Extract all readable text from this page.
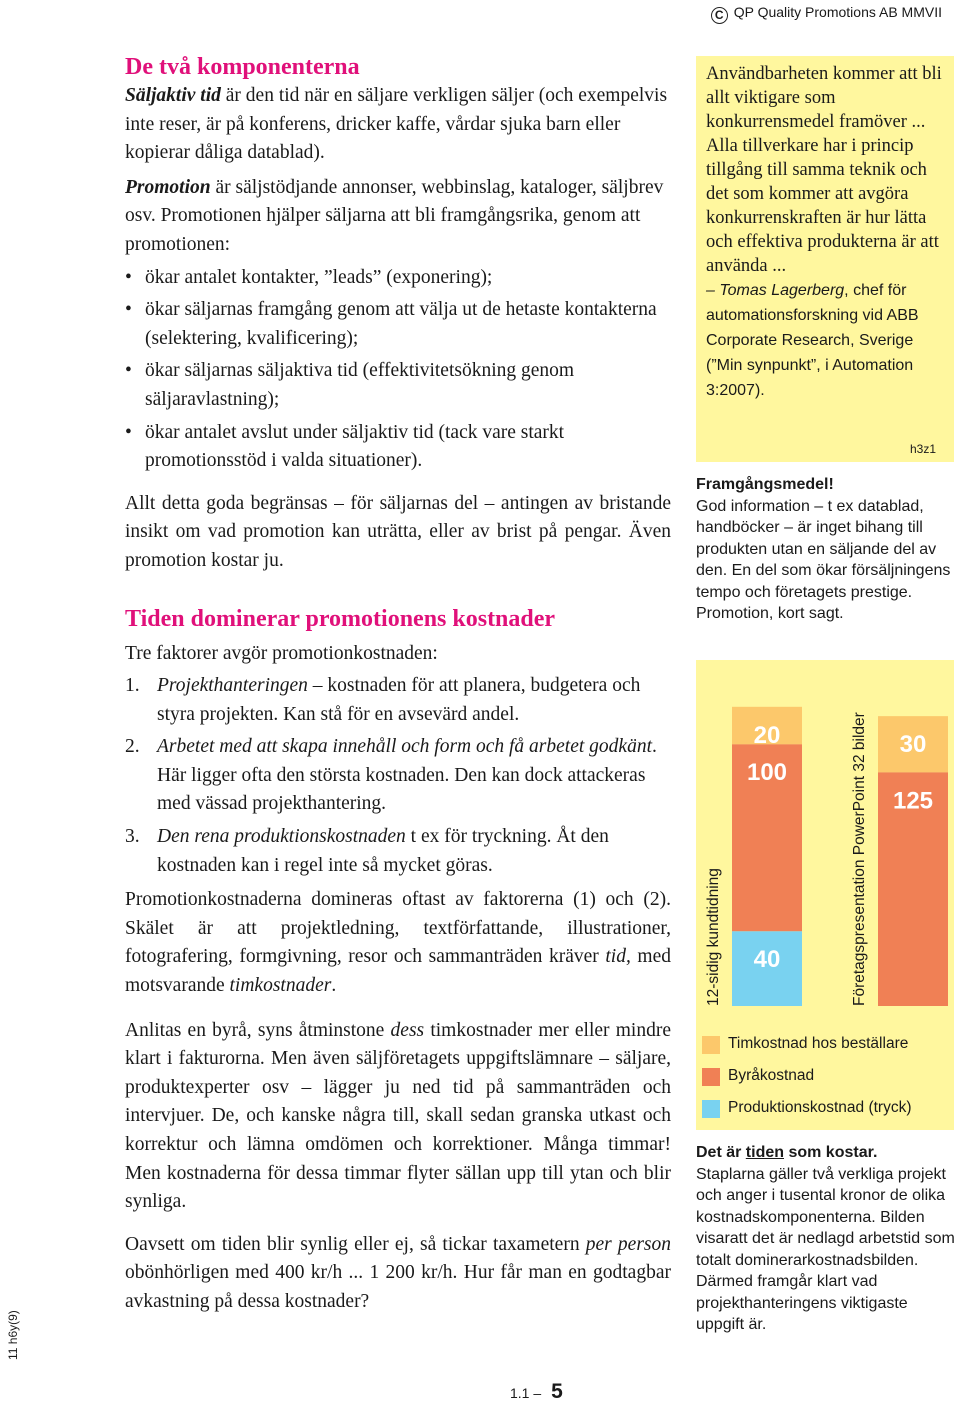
C QP Quality Promotions AB MMVII
11 h6y(9)
De två komponenterna

Säljaktiv tid är den tid när en säljare verkligen säljer (och exempelvis inte reser, är på konferens, dricker kaffe, vårdar sjuka barn eller kopierar dåliga datablad).

Promotion är säljstödjande annonser, webbinslag, kataloger, säljbrev osv. Promotionen hjälper säljarna att bli framgångsrika, genom att promotionen:

• ökar antalet kontakter, ”leads” (exponering);
• ökar säljarnas framgång genom att välja ut de hetaste kontakterna (selektering, kvalificering);
• ökar säljarnas säljaktiva tid (effektivitetsökning genom säljaravlastning);
• ökar antalet avslut under säljaktiv tid (tack vare starkt promotionsstöd i valda situationer).

Allt detta goda begränsas – för säljarnas del – antingen av bristande insikt om vad promotion kan uträtta, eller av brist på pengar. Även promotion kostar ju.

Tiden dominerar promotionens kostnader

Tre faktorer avgör promotionkostnaden:

1. Projekthanteringen – kostnaden för att planera, budgetera och styra projekten. Kan stå för en avsevärd andel.
2. Arbetet med att skapa innehåll och form och få arbetet godkänt. Här ligger ofta den största kostnaden. Den kan dock attackeras med vässad projekthantering.
3. Den rena produktionskostnaden t ex för tryckning. Åt den kostnaden kan i regel inte så mycket göras.

Promotionkostnaderna domineras oftast av faktorerna (1) och (2). Skälet är att projektledning, textförfattande, illustrationer, fotografering, formgivning, resor och sammanträden kräver tid, med motsvarande timkostnader.

Anlitas en byrå, syns åtminstone dess timkostnader mer eller mindre klart i fakturorna. Men även säljföretagets uppgiftslämnare – säljare, produktexperter osv – lägger ju ned tid på sammanträden och intervjuer. De, och kanske några till, skall sedan granska utkast och korrektur och lämna omdömen och korrektioner. Många timmar! Men kostnaderna för dessa timmar flyter sällan upp till ytan och blir synliga.

Oavsett om tiden blir synlig eller ej, så tickar taxametern per person obönhörligen med 400 kr/h ... 1 200 kr/h. Hur får man en godtagbar avkastning på dessa kostnader?

1.1 – 5
Användbarheten kommer att bli allt viktigare som konkurrensmedel framöver ... Alla tillverkare har i princip tillgång till samma teknik och det som kommer att avgöra konkurrenskraften är hur lätta och effektiva produkterna är att använda ...
– Tomas Lagerberg, chef för automationsforskning vid ABB Corporate Research, Sverige (”Min synpunkt”, i Automation 3:2007).
h3z1
Framgångsmedel!
God information – t ex datablad, handböcker – är inget bihang till produkten utan en säljande del av den. En del som ökar försäljningens tempo och företagets prestige. Promotion, kort sagt.
12-sidig kundtidning 40
100
20	Företagspresentation PowerPoint 32 bilder 125
30
Timkostnad hos beställare
Byråkostnad
Produktionskostnad (tryck)
Det är tiden som kostar.
Staplarna gäller två verkliga projekt och anger i tusental kronor de olika kostnadskomponenterna. Bilden visaratt det är nedlagd arbetstid som totalt dominerarkostnadsbilden. Därmed framgår klart vad projekthanteringens viktigaste uppgift är.
